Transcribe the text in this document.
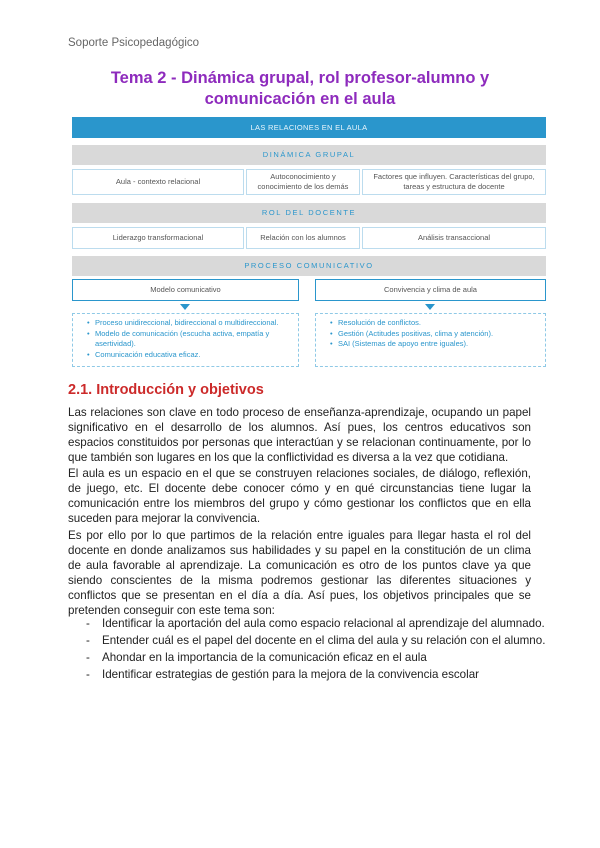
Soporte Psicopedagógico
Tema 2 - Dinámica grupal, rol profesor-alumno y
comunicación en el aula
LAS RELACIONES EN EL AULA
DINÁMICA GRUPAL
Aula - contexto relacional
Autoconocimiento y conocimiento de los demás
Factores que influyen. Características del grupo, tareas y estructura de docente
ROL DEL DOCENTE
Liderazgo transformacional	Relación con los alumnos	Análisis transaccional
PROCESO COMUNICATIVO
Modelo comunicativo	Convivencia y clima de aula
• Proceso unidireccional, bidireccional o multidireccional.
• Modelo de comunicación (escucha activa, empatía y asertividad).
• Comunicación educativa eficaz.
• Resolución de conflictos.
• Gestión (Actitudes positivas, clima y atención).
• SAI (Sistemas de apoyo entre iguales).
2.1. Introducción y objetivos

Las relaciones son clave en todo proceso de enseñanza-aprendizaje, ocupando un papel significativo en el desarrollo de los alumnos. Así pues, los centros educativos son espacios constituidos por personas que interactúan y se relacionan continuamente, por lo que también son lugares en los que la conflictividad es diversa a la vez que cotidiana.

El aula es un espacio en el que se construyen relaciones sociales, de diálogo, reflexión, de juego, etc. El docente debe conocer cómo y en qué circunstancias tiene lugar la comunicación entre los miembros del grupo y cómo gestionar los conflictos que en ella suceden para mejorar la convivencia.

Es por ello por lo que partimos de la relación entre iguales para llegar hasta el rol del docente en donde analizamos sus habilidades y su papel en la constitución de un clima de aula favorable al aprendizaje. La comunicación es otro de los puntos clave ya que siendo conscientes de la misma podremos gestionar las diferentes situaciones y conflictos que se presentan en el día a día. Así pues, los objetivos principales que se pretenden conseguir con este tema son:

- Identificar la aportación del aula como espacio relacional al aprendizaje del alumnado.
- Entender cuál es el papel del docente en el clima del aula y su relación con el alumno.
- Ahondar en la importancia de la comunicación eficaz en el aula
- Identificar estrategias de gestión para la mejora de la convivencia escolar
